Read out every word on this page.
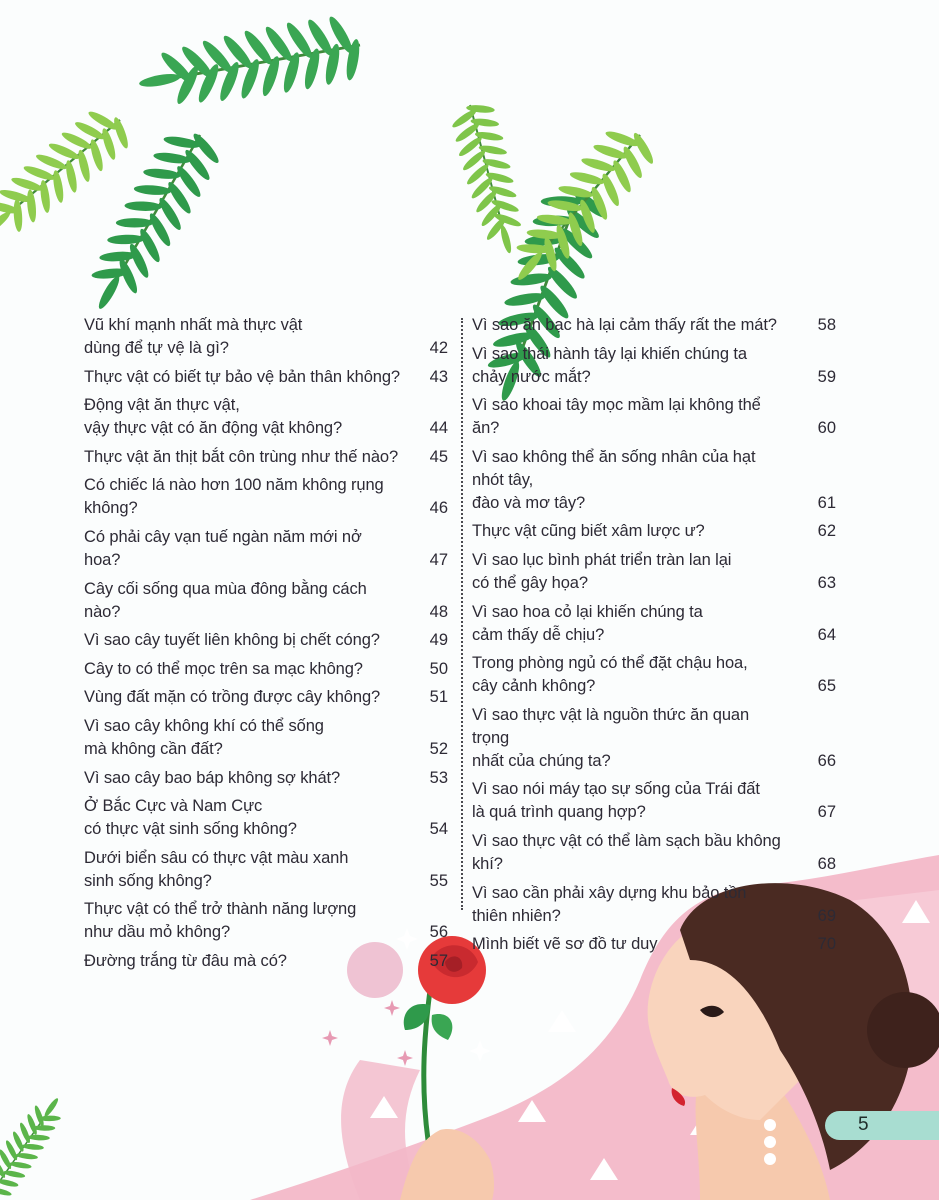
Vũ khí mạnh nhất mà thực vật
dùng để tự vệ là gì?	42
Thực vật có biết tự bảo vệ bản thân không?	43
Động vật ăn thực vật,
vậy thực vật có ăn động vật không?	44
Thực vật ăn thịt bắt côn trùng như thế nào?	45
Có chiếc lá nào hơn 100 năm không rụng không?	46
Có phải cây vạn tuế ngàn năm mới nở hoa?	47
Cây cối sống qua mùa đông bằng cách nào?	48
Vì sao cây tuyết liên không bị chết cóng?	49
Cây to có thể mọc trên sa mạc không?	50
Vùng đất mặn có trồng được cây không?	51
Vì sao cây không khí có thể sống
mà không cần đất?	52
Vì sao cây bao báp không sợ khát?	53
Ở Bắc Cực và Nam Cực
có thực vật sinh sống không?	54
Dưới biển sâu có thực vật màu xanh
sinh sống không?	55
Thực vật có thể trở thành năng lượng
như dầu mỏ không?	56
Đường trắng từ đâu mà có?	57
Vì sao ăn bạc hà lại cảm thấy rất the mát?	58
Vì sao thái hành tây lại khiến chúng ta
chảy nước mắt?	59
Vì sao khoai tây mọc mầm lại không thể ăn?	60
Vì sao không thể ăn sống nhân của hạt nhót tây,
đào và mơ tây?	61
Thực vật cũng biết xâm lược ư?	62
Vì sao lục bình phát triển tràn lan lại
có thể gây họa?	63
Vì sao hoa cỏ lại khiến chúng ta
cảm thấy dễ chịu?	64
Trong phòng ngủ có thể đặt chậu hoa,
cây cảnh không?	65
Vì sao thực vật là nguồn thức ăn quan trọng
nhất của chúng ta?	66
Vì sao nói máy tạo sự sống của Trái đất
là quá trình quang hợp?	67
Vì sao thực vật có thể làm sạch bầu không khí?	68
Vì sao cần phải xây dựng khu bảo tồn
thiên nhiên?	69
Mình biết vẽ sơ đồ tư duy	70
5
